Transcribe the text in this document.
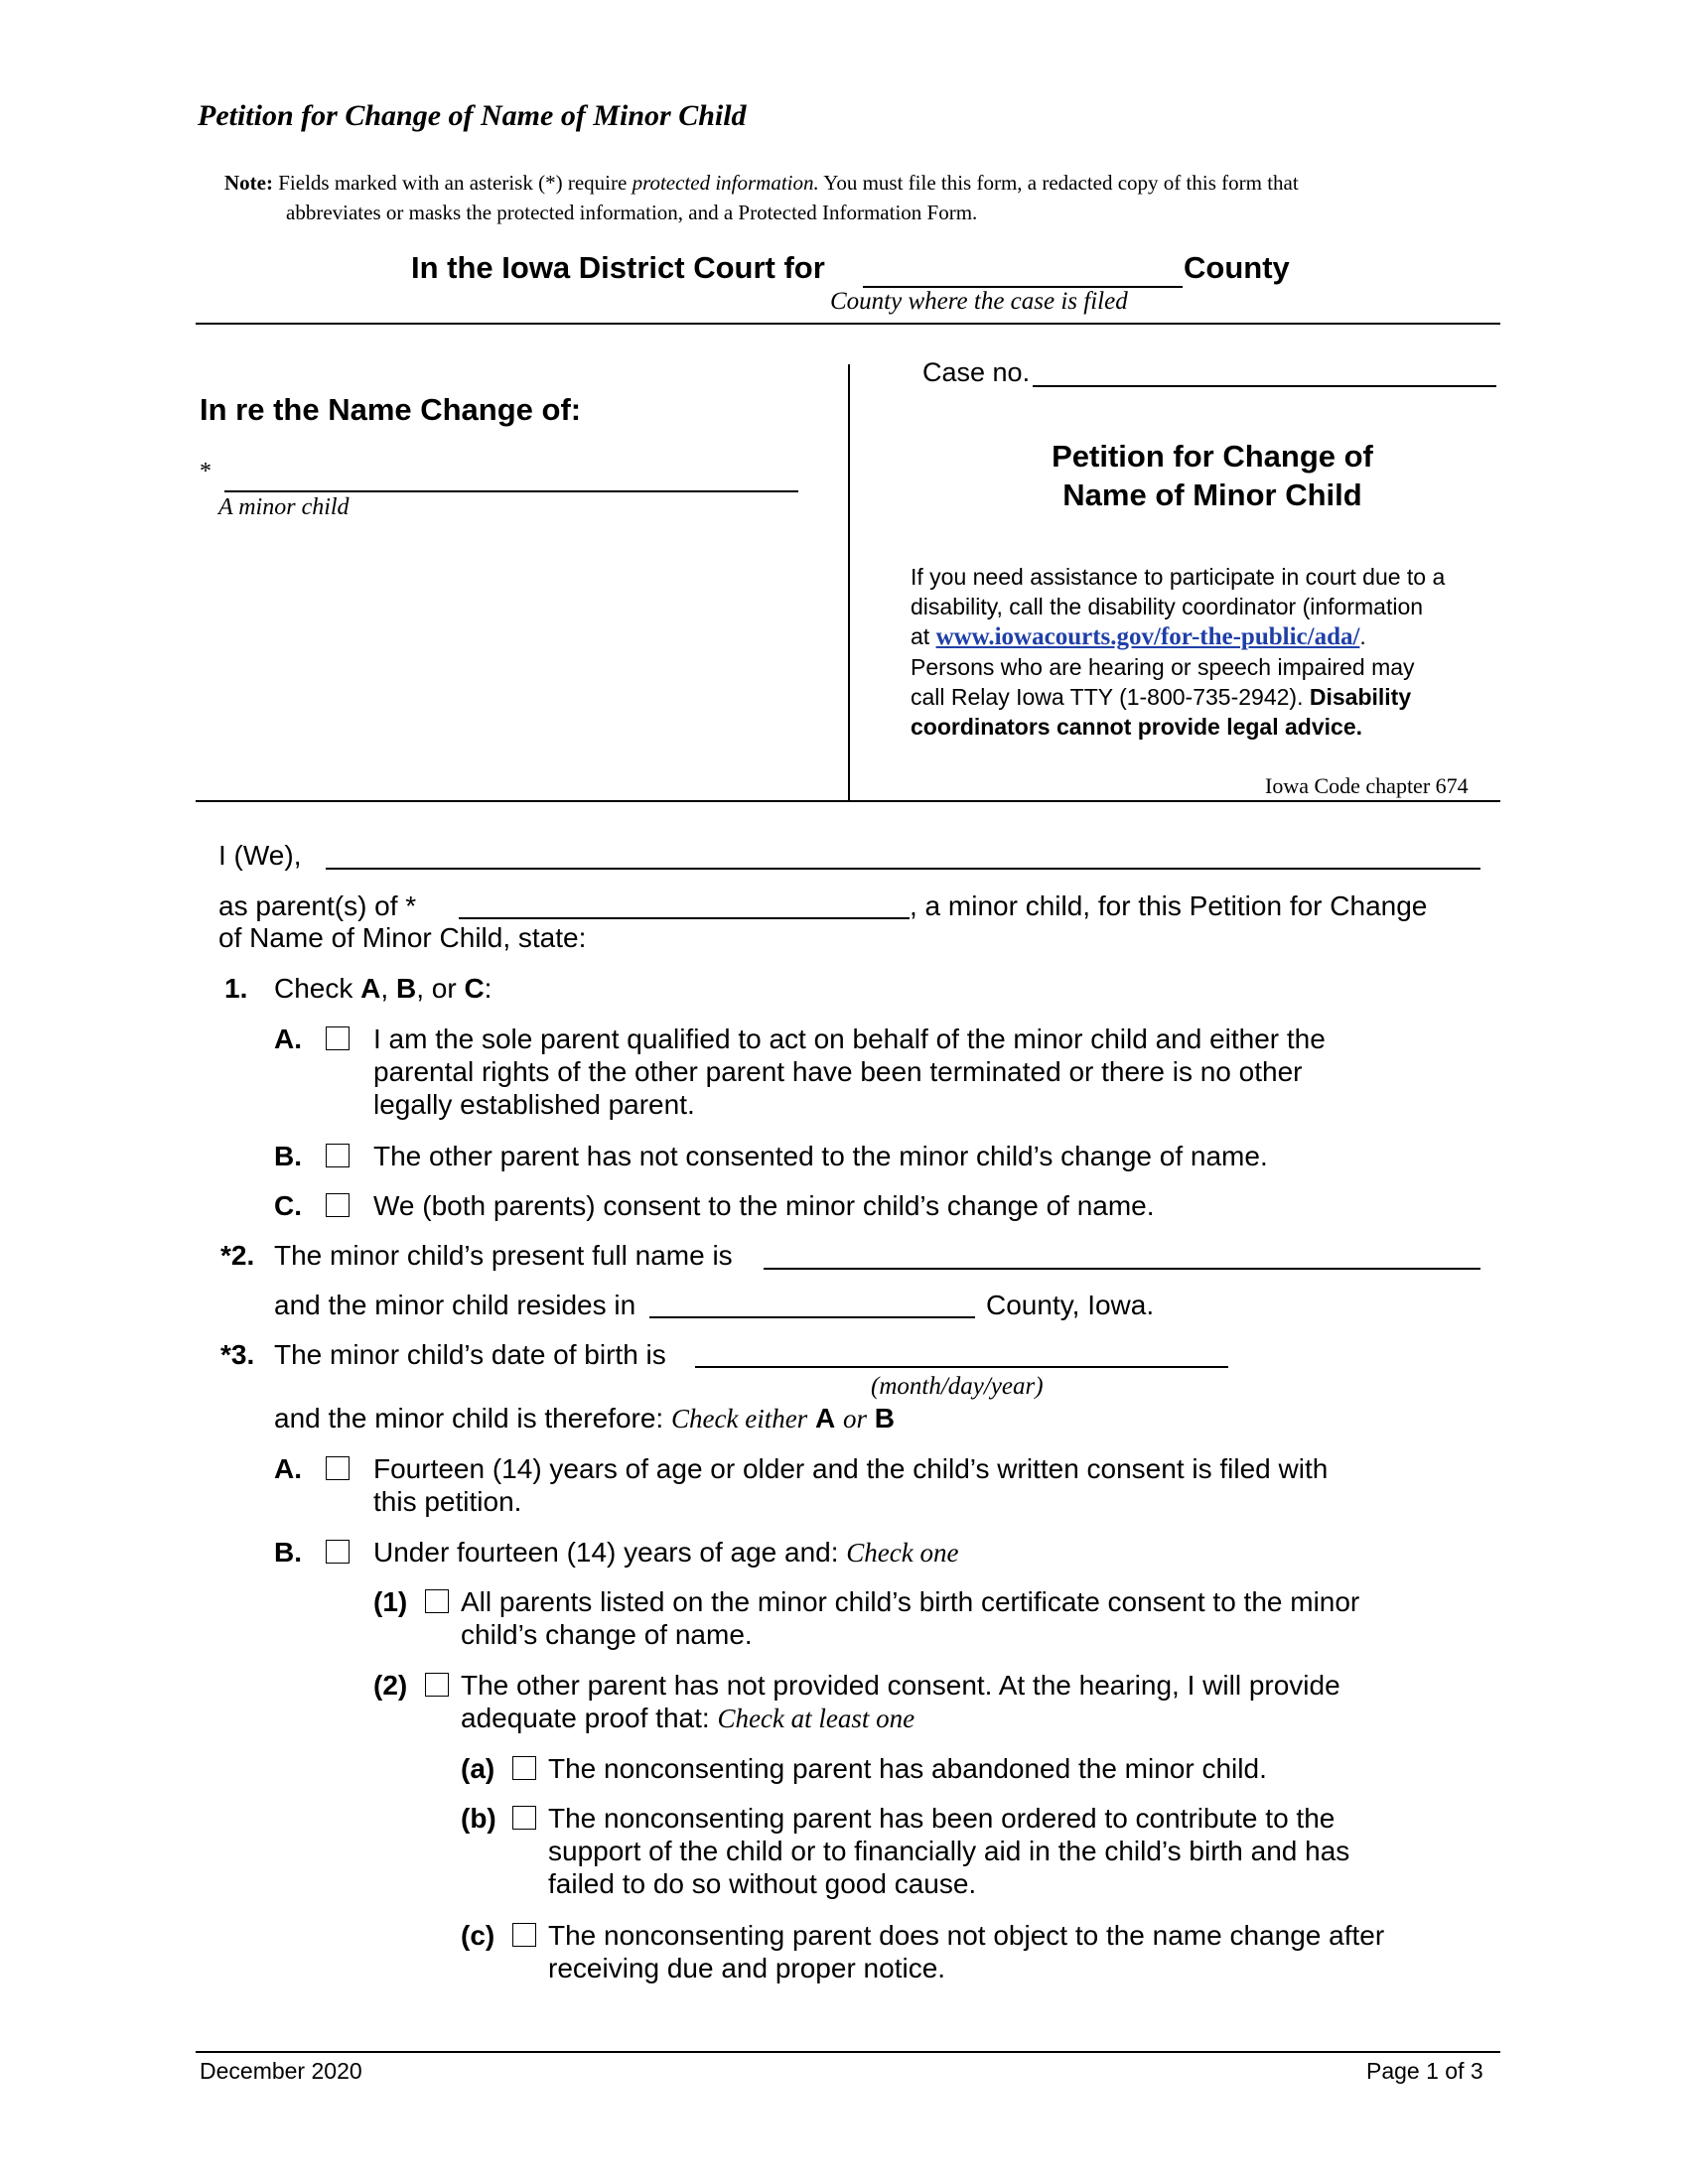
Petition for Change of Name of Minor Child
Note: Fields marked with an asterisk (*) require protected information. You must file this form, a redacted copy of this form that
abbreviates or masks the protected information, and a Protected Information Form.
In the Iowa District Court for	County
County where the case is filed
In re the Name Change of:
*
A minor child
Case no.
Petition for Change of
Name of Minor Child
If you need assistance to participate in court due to a
disability, call the disability coordinator (information
at www.iowacourts.gov/for-the-public/ada/.
Persons who are hearing or speech impaired may
call Relay Iowa TTY (1-800-735-2942). Disability
coordinators cannot provide legal advice.
Iowa Code chapter 674
I (We),
as parent(s) of *	, a minor child, for this Petition for Change
of Name of Minor Child, state:
1. Check A, B, or C:
A.	I am the sole parent qualified to act on behalf of the minor child and either the
parental rights of the other parent have been terminated or there is no other
legally established parent.
B.	The other parent has not consented to the minor child’s change of name.
C.	We (both parents) consent to the minor child’s change of name.
*2. The minor child’s present full name is
and the minor child resides in	County, Iowa.
*3. The minor child’s date of birth is
(month/day/year)
and the minor child is therefore: Check either A or B
A.	Fourteen (14) years of age or older and the child’s written consent is filed with
this petition.
B.	Under fourteen (14) years of age and: Check one
(1) All parents listed on the minor child’s birth certificate consent to the minor
child’s change of name.
(2) The other parent has not provided consent. At the hearing, I will provide
adequate proof that: Check at least one
(a) The nonconsenting parent has abandoned the minor child.
(b) The nonconsenting parent has been ordered to contribute to the
support of the child or to financially aid in the child’s birth and has
failed to do so without good cause.
(c) The nonconsenting parent does not object to the name change after
receiving due and proper notice.
December 2020	Page 1 of 3
